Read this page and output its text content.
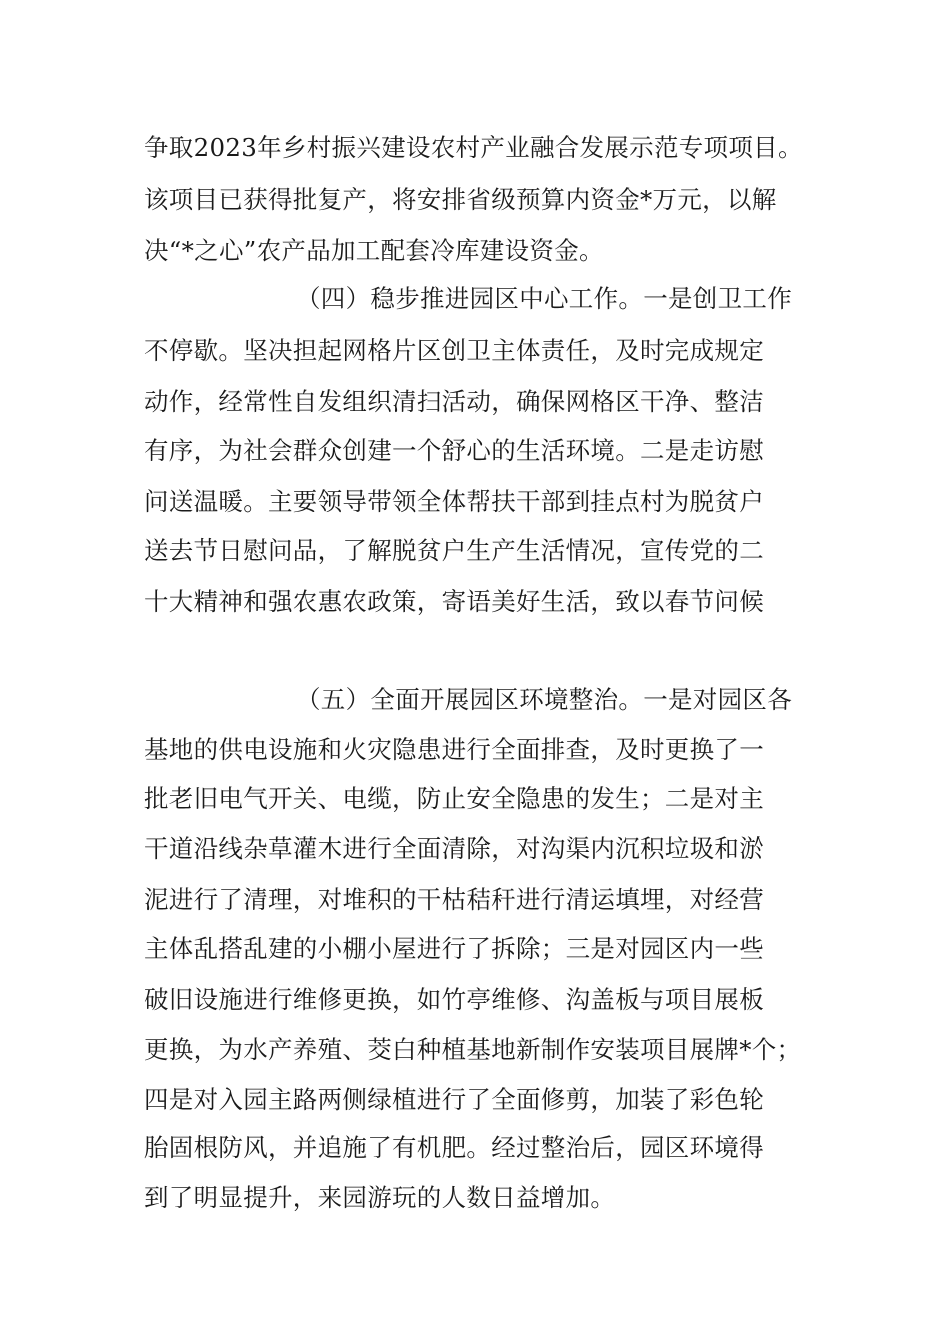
争取2023年乡村振兴建设农村产业融合发展示范专项项目。

该项目已获得批复产，将安排省级预算内资金*万元，以解

决“*之心”农产品加工配套冷库建设资金。

（四）稳步推进园区中心工作。一是创卫工作

不停歇。坚决担起网格片区创卫主体责任，及时完成规定

动作，经常性自发组织清扫活动，确保网格区干净、整洁

有序，为社会群众创建一个舒心的生活环境。二是走访慰

问送温暖。主要领导带领全体帮扶干部到挂点村为脱贫户

送去节日慰问品，了解脱贫户生产生活情况，宣传党的二

十大精神和强农惠农政策，寄语美好生活，致以春节问候

（五）全面开展园区环境整治。一是对园区各

基地的供电设施和火灾隐患进行全面排查，及时更换了一

批老旧电气开关、电缆，防止安全隐患的发生；二是对主

干道沿线杂草灌木进行全面清除，对沟渠内沉积垃圾和淤

泥进行了清理，对堆积的干枯秸秆进行清运填埋，对经营

主体乱搭乱建的小棚小屋进行了拆除；三是对园区内一些

破旧设施进行维修更换，如竹亭维修、沟盖板与项目展板

更换，为水产养殖、茭白种植基地新制作安装项目展牌*个；

四是对入园主路两侧绿植进行了全面修剪，加装了彩色轮

胎固根防风，并追施了有机肥。经过整治后，园区环境得

到了明显提升，来园游玩的人数日益增加。
